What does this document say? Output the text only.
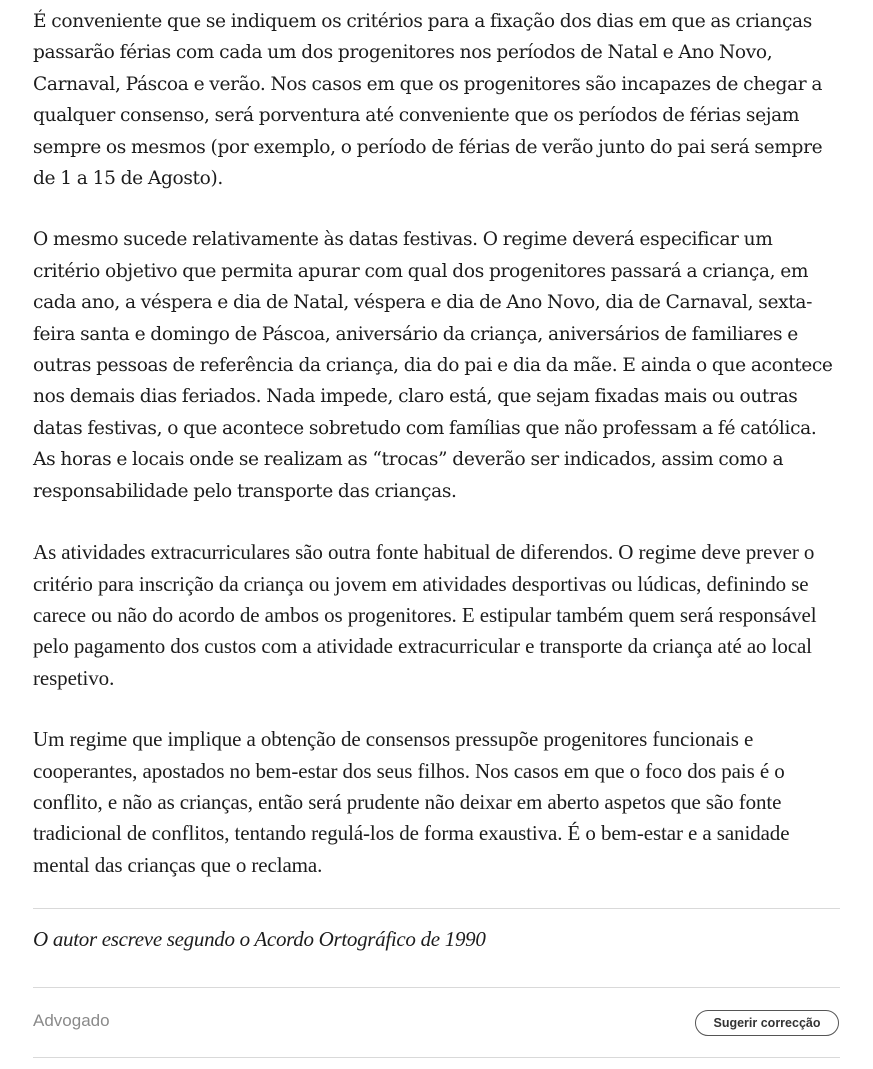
É conveniente que se indiquem os critérios para a fixação dos dias em que as crianças passarão férias com cada um dos progenitores nos períodos de Natal e Ano Novo, Carnaval, Páscoa e verão. Nos casos em que os progenitores são incapazes de chegar a qualquer consenso, será porventura até conveniente que os períodos de férias sejam sempre os mesmos (por exemplo, o período de férias de verão junto do pai será sempre de 1 a 15 de Agosto).

O mesmo sucede relativamente às datas festivas. O regime deverá especificar um critério objetivo que permita apurar com qual dos progenitores passará a criança, em cada ano, a véspera e dia de Natal, véspera e dia de Ano Novo, dia de Carnaval, sexta-feira santa e domingo de Páscoa, aniversário da criança, aniversários de familiares e outras pessoas de referência da criança, dia do pai e dia da mãe. E ainda o que acontece nos demais dias feriados. Nada impede, claro está, que sejam fixadas mais ou outras datas festivas, o que acontece sobretudo com famílias que não professam a fé católica. As horas e locais onde se realizam as “trocas” deverão ser indicados, assim como a responsabilidade pelo transporte das crianças.

As atividades extracurriculares são outra fonte habitual de diferendos. O regime deve prever o critério para inscrição da criança ou jovem em atividades desportivas ou lúdicas, definindo se carece ou não do acordo de ambos os progenitores. E estipular também quem será responsável pelo pagamento dos custos com a atividade extracurricular e transporte da criança até ao local respetivo.

Um regime que implique a obtenção de consensos pressupõe progenitores funcionais e cooperantes, apostados no bem-estar dos seus filhos. Nos casos em que o foco dos pais é o conflito, e não as crianças, então será prudente não deixar em aberto aspetos que são fonte tradicional de conflitos, tentando regulá-los de forma exaustiva. É o bem-estar e a sanidade mental das crianças que o reclama.

O autor escreve segundo o Acordo Ortográfico de 1990
Advogado	Sugerir correcção
